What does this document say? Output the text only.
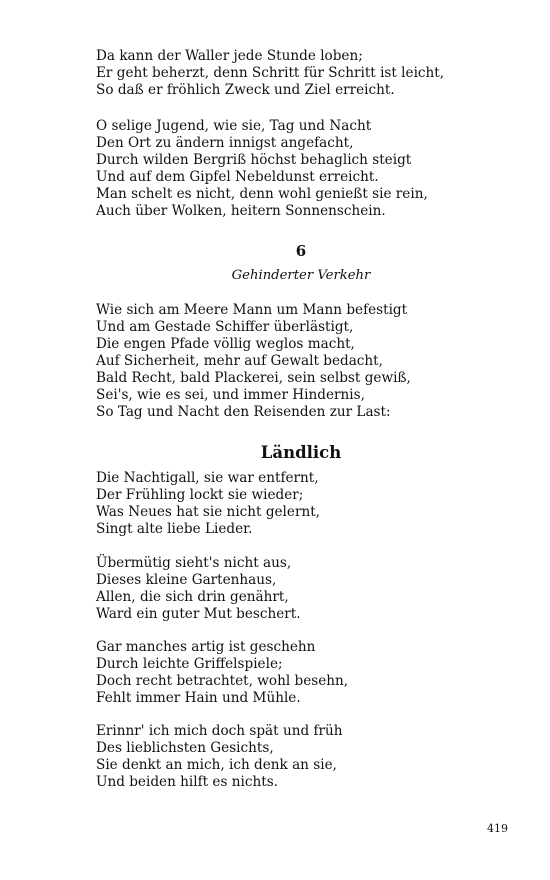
Da kann der Waller jede Stunde loben;
Er geht beherzt, denn Schritt für Schritt ist leicht,
So daß er fröhlich Zweck und Ziel erreicht.
O selige Jugend, wie sie, Tag und Nacht
Den Ort zu ändern innigst angefacht,
Durch wilden Bergriß höchst behaglich steigt
Und auf dem Gipfel Nebeldunst erreicht.
Man schelt es nicht, denn wohl genießt sie rein,
Auch über Wolken, heitern Sonnenschein.
6
Gehinderter Verkehr
Wie sich am Meere Mann um Mann befestigt
Und am Gestade Schiffer überlästigt,
Die engen Pfade völlig weglos macht,
Auf Sicherheit, mehr auf Gewalt bedacht,
Bald Recht, bald Plackerei, sein selbst gewiß,
Sei's, wie es sei, und immer Hindernis,
So Tag und Nacht den Reisenden zur Last:
Ländlich
Die Nachtigall, sie war entfernt,
Der Frühling lockt sie wieder;
Was Neues hat sie nicht gelernt,
Singt alte liebe Lieder.
Übermütig sieht's nicht aus,
Dieses kleine Gartenhaus,
Allen, die sich drin genährt,
Ward ein guter Mut beschert.
Gar manches artig ist geschehn
Durch leichte Griffelspiele;
Doch recht betrachtet, wohl besehn,
Fehlt immer Hain und Mühle.
Erinnr' ich mich doch spät und früh
Des lieblichsten Gesichts,
Sie denkt an mich, ich denk an sie,
Und beiden hilft es nichts.
419
